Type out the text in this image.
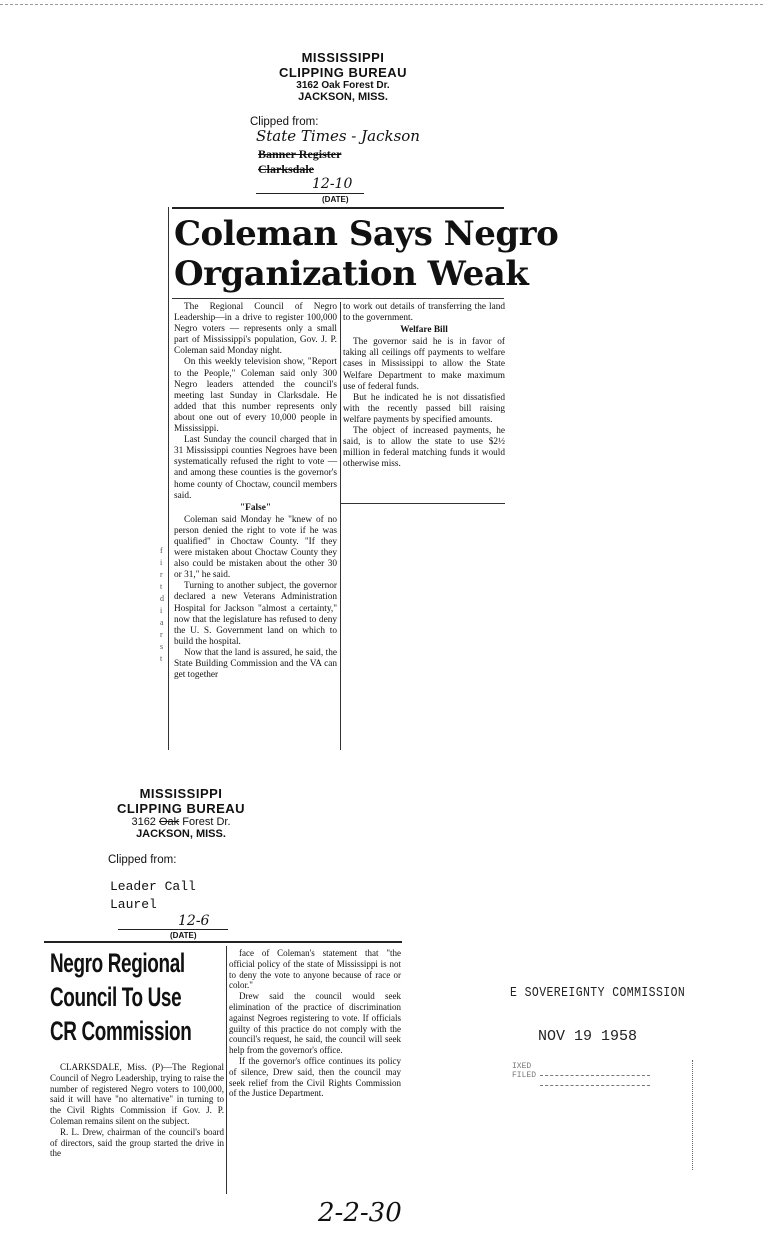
MISSISSIPPI
CLIPPING BUREAU
3162 Oak Forest Dr.
JACKSON, MISS.
Clipped from:
State Times - Jackson
Banner Register
Clarksdale
12-10
(DATE)
Coleman Says Negro
Organization Weak

The Regional Council of Negro Leadership—in a drive to register 100,000 Negro voters — represents only a small part of Mississippi's population, Gov. J. P. Coleman said Monday night.

On this weekly television show, "Report to the People," Coleman said only 300 Negro leaders attended the council's meeting last Sunday in Clarksdale. He added that this number represents only about one out of every 10,000 people in Mississippi.

Last Sunday the council charged that in 31 Mississippi counties Negroes have been systematically refused the right to vote — and among these counties is the governor's home county of Choctaw, council members said.

"False"

Coleman said Monday he "knew of no person denied the right to vote if he was qualified" in Choctaw County. "If they were mistaken about Choctaw County they also could be mistaken about the other 30 or 31," he said.

Turning to another subject, the governor declared a new Veterans Administration Hospital for Jackson "almost a certainty," now that the legislature has refused to deny the U. S. Government land on which to build the hospital.

Now that the land is assured, he said, the State Building Commission and the VA can get together

to work out details of transferring the land to the government.

Welfare Bill

The governor said he is in favor of taking all ceilings off payments to welfare cases in Mississippi to allow the State Welfare Department to make maximum use of federal funds.

But he indicated he is not dissatisfied with the recently passed bill raising welfare payments by specified amounts.

The object of increased payments, he said, is to allow the state to use $2½ million in federal matching funds it would otherwise miss.

f
i
r
t
d
i
a
r
s
t
MISSISSIPPI
CLIPPING BUREAU
3162 Oak Forest Dr.
JACKSON, MISS.
Clipped from:
Leader Call
Laurel
12-6
(DATE)
Negro Regional
Council To Use
CR Commission

CLARKSDALE, Miss. (P)—The Regional Council of Negro Leadership, trying to raise the number of registered Negro voters to 100,000, said it will have "no alternative" in turning to the Civil Rights Commission if Gov. J. P. Coleman remains silent on the subject.

R. L. Drew, chairman of the council's board of directors, said the group started the drive in the

face of Coleman's statement that "the official policy of the state of Mississippi is not to deny the vote to anyone because of race or color."

Drew said the council would seek elimination of the practice of discrimination against Negroes registering to vote. If officials guilty of this practice do not comply with the council's request, he said, the council will seek help from the governor's office.

If the governor's office continues its policy of silence, Drew said, then the council may seek relief from the Civil Rights Commission of the Justice Department.

E SOVEREIGNTY COMMISSION
NOV 19 1958
IXED
FILED
2-2-30
